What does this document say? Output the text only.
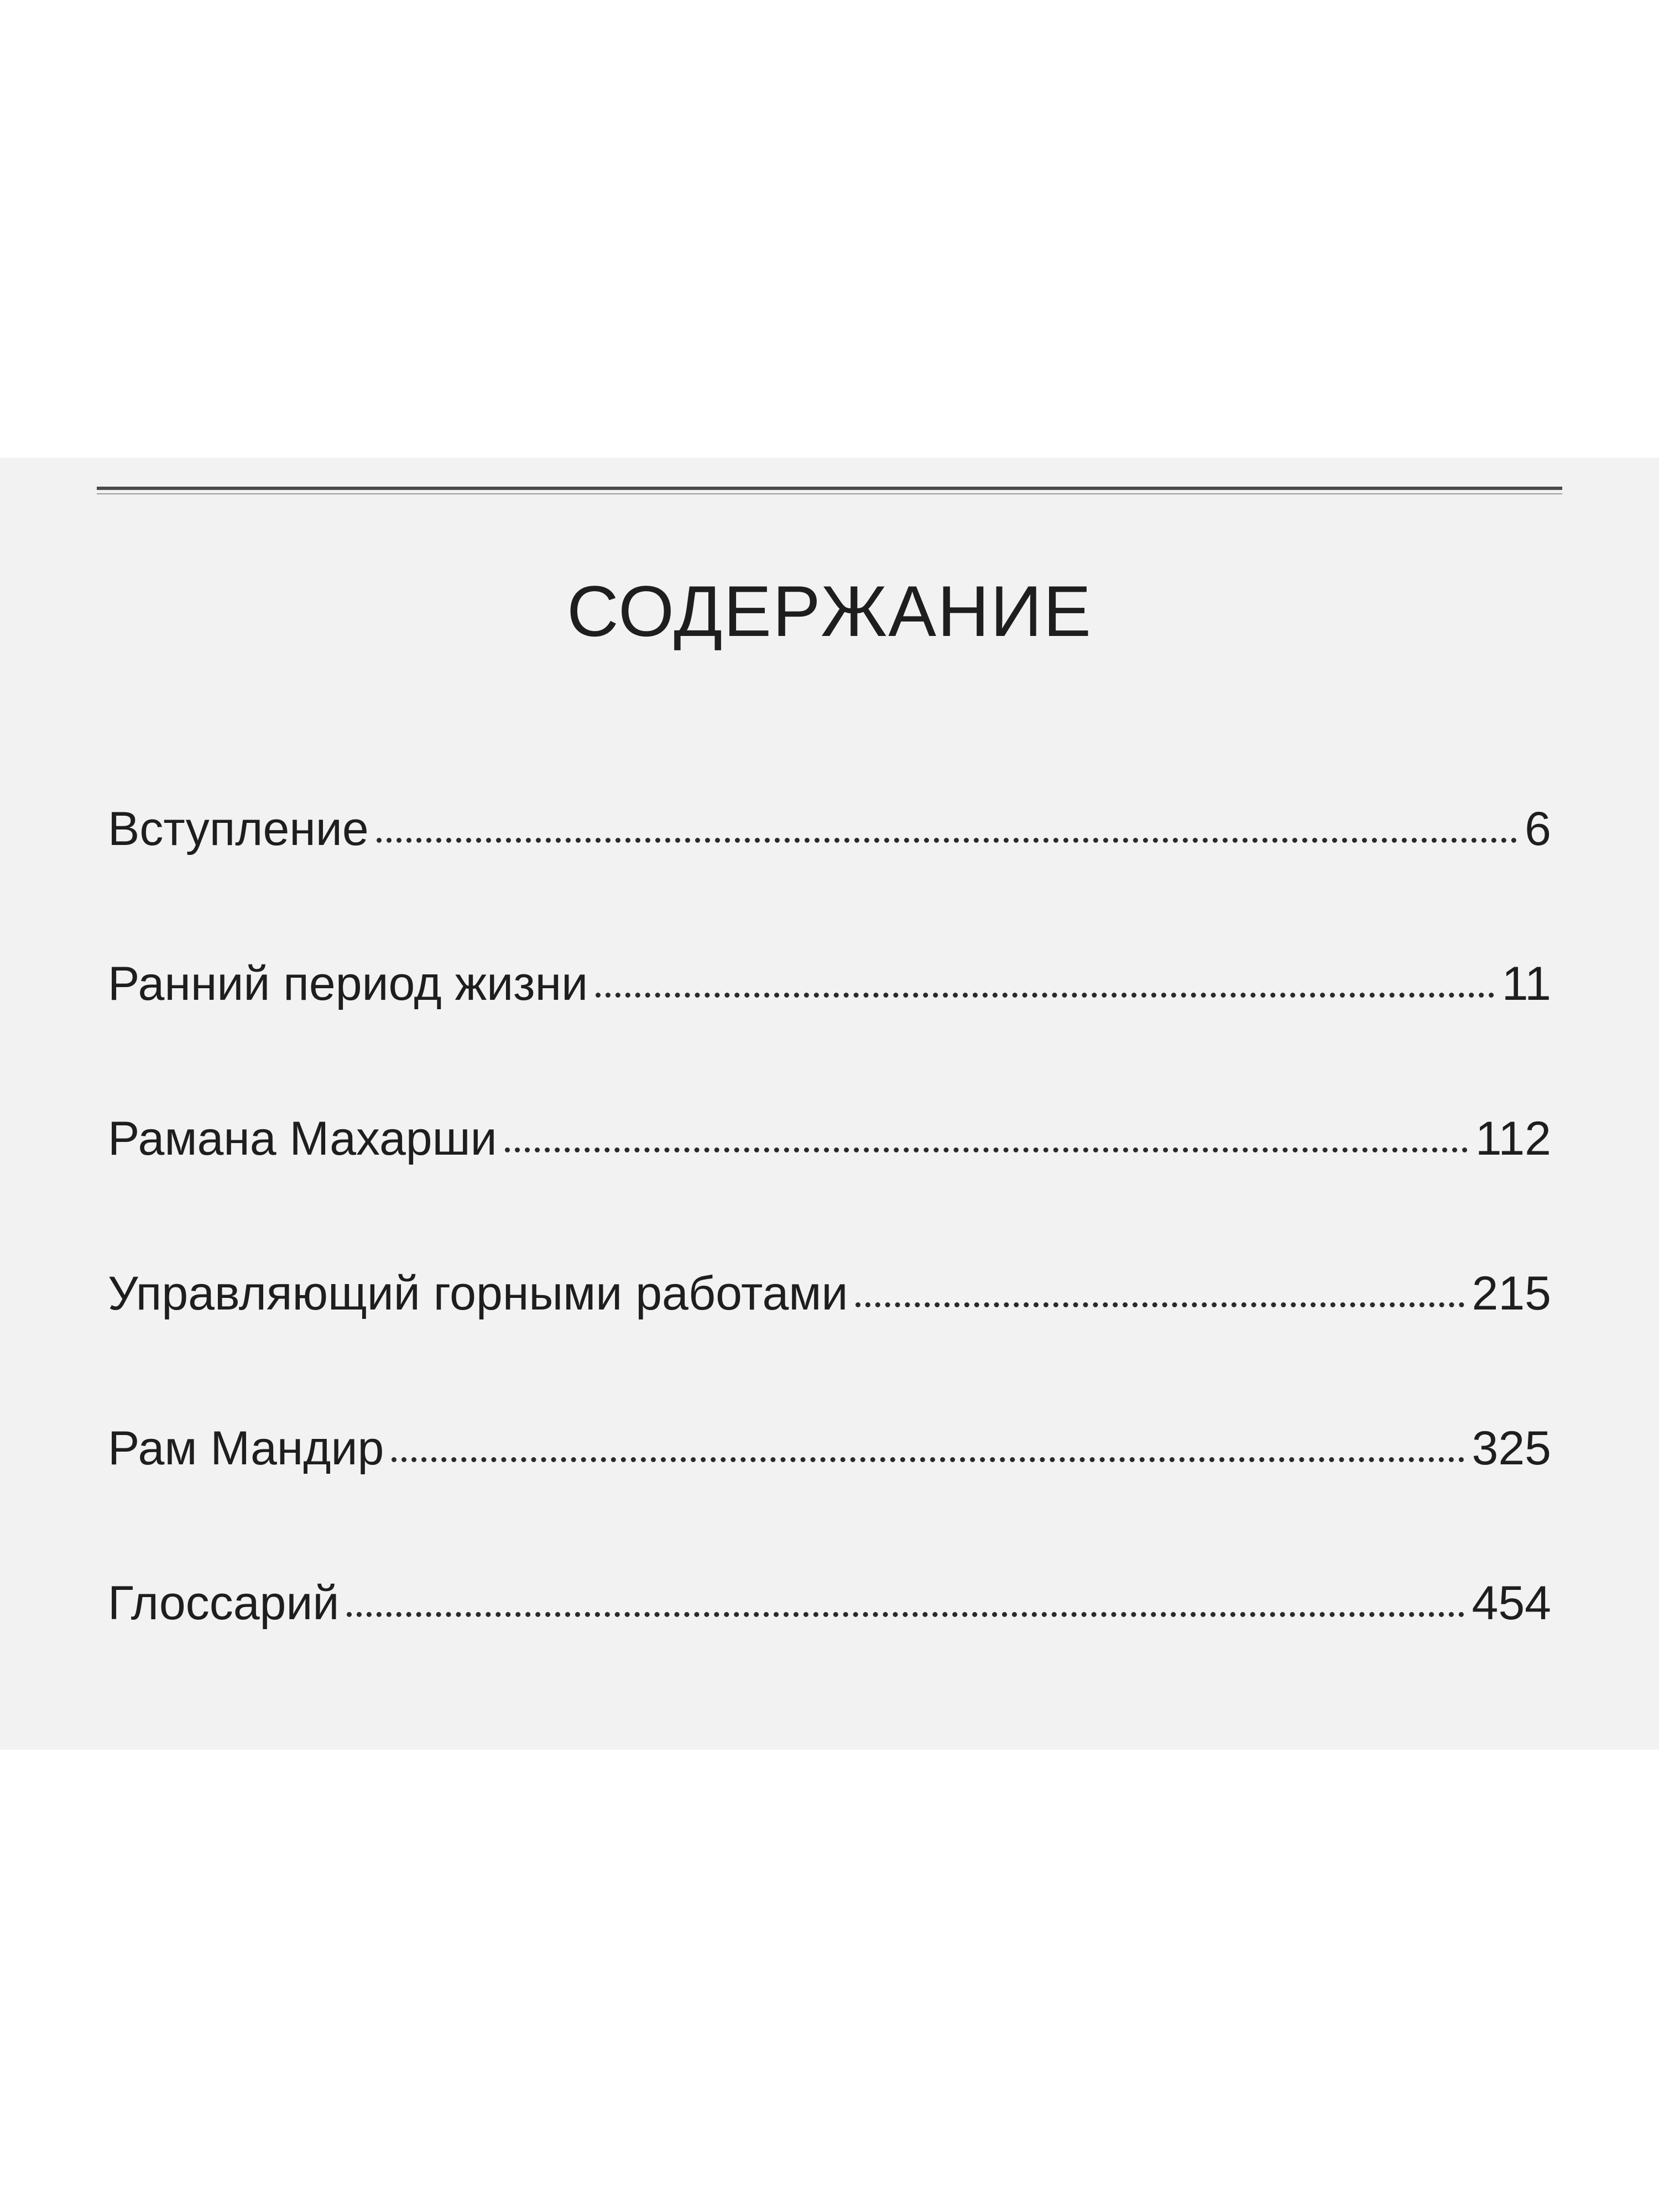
СОДЕРЖАНИЕ
Вступление	6
Ранний период жизни	11
Рамана Махарши	112
Управляющий горными работами	215
Рам Мандир	325
Глоссарий	454
